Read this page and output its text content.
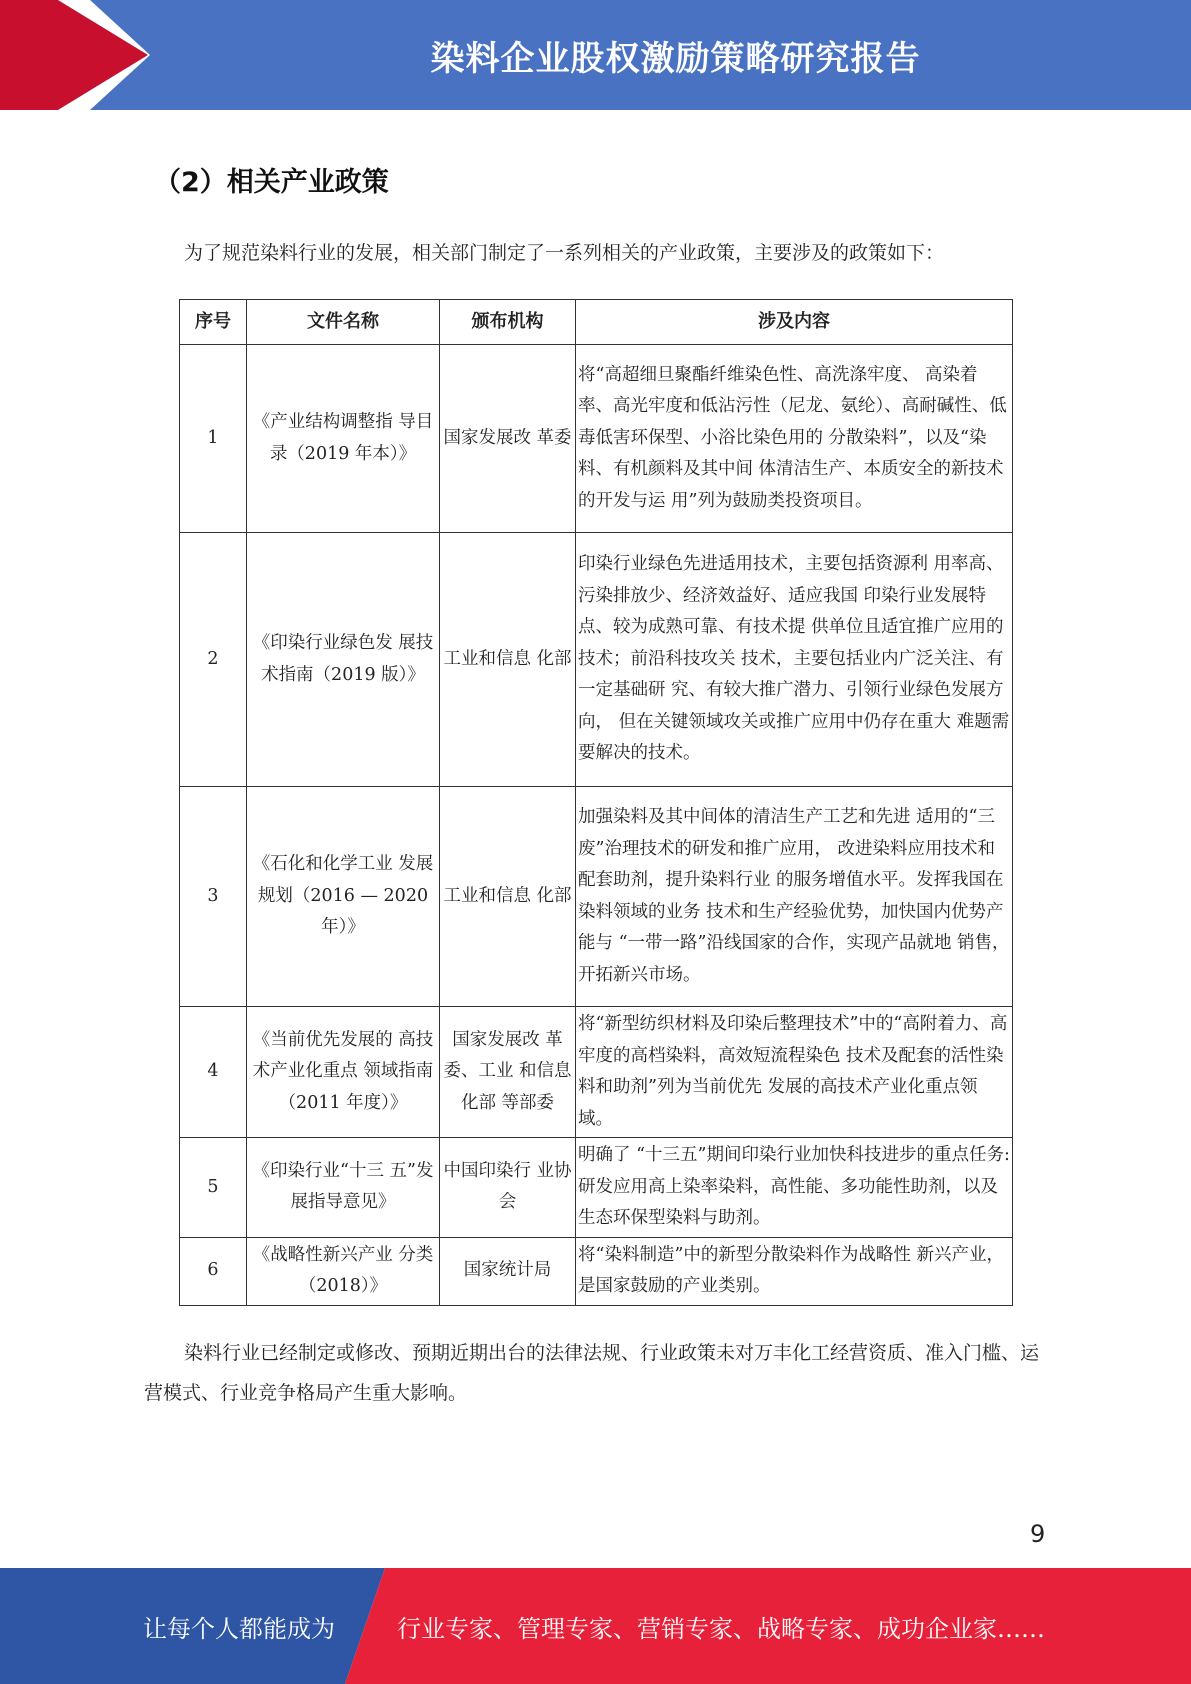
染料企业股权激励策略研究报告
（2）相关产业政策
为了规范染料行业的发展，相关部门制定了一系列相关的产业政策，主要涉及的政策如下：
序号	文件名称	颁布机构	涉及内容
1	《产业结构调整指 导目录（2019 年本）》	国家发展改 革委	将“高超细旦聚酯纤维染色性、高洗涤牢度、 高染着率、高光牢度和低沾污性（尼龙、氨纶）、高耐碱性、低毒低害环保型、小浴比染色用的 分散染料”，以及“染料、有机颜料及其中间 体清洁生产、本质安全的新技术的开发与运 用”列为鼓励类投资项目。
2	《印染行业绿色发 展技术指南（2019 版）》	工业和信息 化部	印染行业绿色先进适用技术，主要包括资源利 用率高、污染排放少、经济效益好、适应我国 印染行业发展特点、较为成熟可靠、有技术提 供单位且适宜推广应用的技术；前沿科技攻关 技术，主要包括业内广泛关注、有一定基础研 究、有较大推广潜力、引领行业绿色发展方向， 但在关键领域攻关或推广应用中仍存在重大 难题需要解决的技术。
3	《石化和化学工业 发展规划（2016 — 2020 年）》	工业和信息 化部	加强染料及其中间体的清洁生产工艺和先进 适用的“三废”治理技术的研发和推广应用， 改进染料应用技术和配套助剂，提升染料行业 的服务增值水平。发挥我国在染料领域的业务 技术和生产经验优势，加快国内优势产能与 “一带一路”沿线国家的合作，实现产品就地 销售，开拓新兴市场。
4	《当前优先发展的 高技术产业化重点 领域指南（2011 年度）》	国家发展改 革委、工业 和信息化部 等部委	将“新型纺织材料及印染后整理技术”中的“高附着力、高牢度的高档染料，高效短流程染色 技术及配套的活性染料和助剂”列为当前优先 发展的高技术产业化重点领域。
5	《印染行业“十三 五”发展指导意见》	中国印染行 业协会	明确了 “十三五”期间印染行业加快科技进步的重点任务:研发应用高上染率染料，高性能、多功能性助剂，以及生态环保型染料与助剂。
6	《战略性新兴产业 分类（2018）》	国家统计局	将“染料制造”中的新型分散染料作为战略性 新兴产业，是国家鼓励的产业类别。
染料行业已经制定或修改、预期近期出台的法律法规、行业政策未对万丰化工经营资质、准入门槛、运营模式、行业竞争格局产生重大影响。
9
让每个人都能成为	行业专家、管理专家、营销专家、战略专家、成功企业家……
